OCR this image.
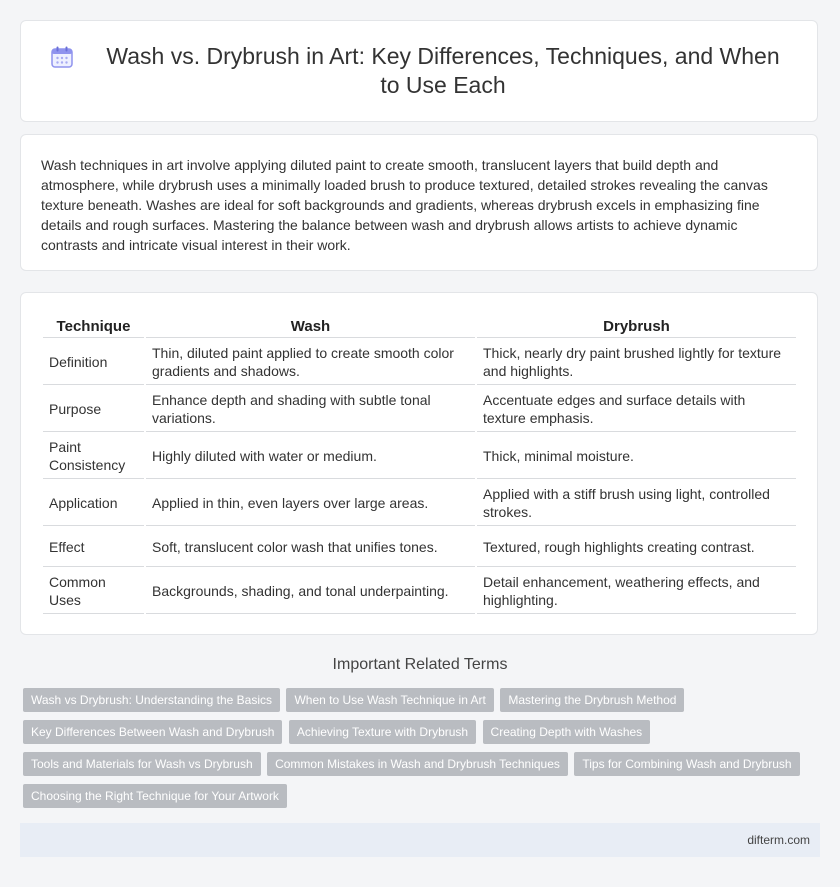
Wash vs. Drybrush in Art: Key Differences, Techniques, and When to Use Each

Wash techniques in art involve applying diluted paint to create smooth, translucent layers that build depth and atmosphere, while drybrush uses a minimally loaded brush to produce textured, detailed strokes revealing the canvas texture beneath. Washes are ideal for soft backgrounds and gradients, whereas drybrush excels in emphasizing fine details and rough surfaces. Mastering the balance between wash and drybrush allows artists to achieve dynamic contrasts and intricate visual interest in their work.

Technique	Wash	Drybrush
Definition	Thin, diluted paint applied to create smooth color gradients and shadows.	Thick, nearly dry paint brushed lightly for texture and highlights.
Purpose	Enhance depth and shading with subtle tonal variations.	Accentuate edges and surface details with texture emphasis.
Paint Consistency	Highly diluted with water or medium.	Thick, minimal moisture.
Application	Applied in thin, even layers over large areas.	Applied with a stiff brush using light, controlled strokes.
Effect	Soft, translucent color wash that unifies tones.	Textured, rough highlights creating contrast.
Common Uses	Backgrounds, shading, and tonal underpainting.	Detail enhancement, weathering effects, and highlighting.
Important Related Terms
Wash vs Drybrush: Understanding the Basics When to Use Wash Technique in Art Mastering the Drybrush Method
Key Differences Between Wash and Drybrush Achieving Texture with Drybrush Creating Depth with Washes
Tools and Materials for Wash vs Drybrush Common Mistakes in Wash and Drybrush Techniques Tips for Combining Wash and Drybrush
Choosing the Right Technique for Your Artwork
difterm.com
